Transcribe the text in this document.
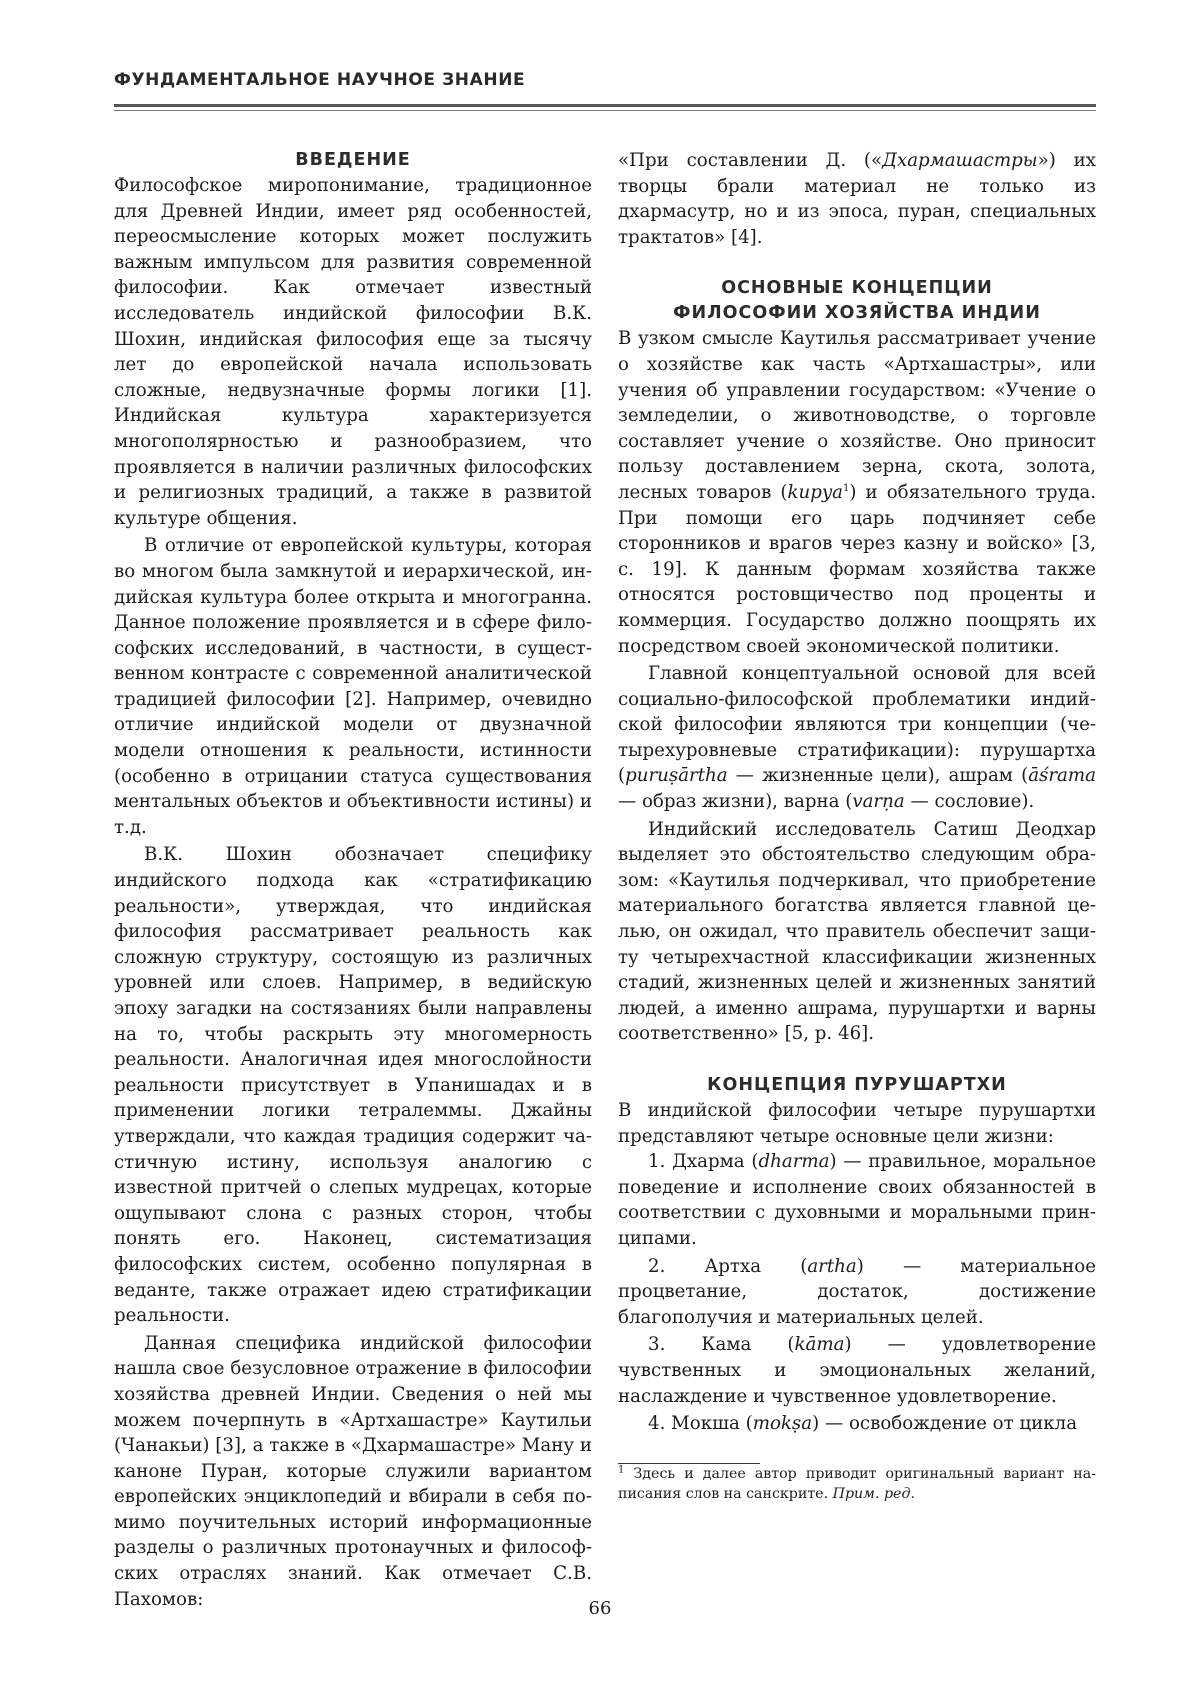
ФУНДАМЕНТАЛЬНОЕ НАУЧНОЕ ЗНАНИЕ
ВВЕДЕНИЕ

Философское миропонимание, традиционное для Древней Индии, имеет ряд особенностей, переосмысление которых может послужить важным импульсом для развития современной философии. Как отмечает известный исследователь индийской философии В.К. Шохин, индийская философия еще за тысячу лет до европейской начала использовать сложные, недвузначные формы логики [1]. Индийская культура характеризуется многополярностью и разнообразием, что проявляется в наличии различных философских и религиозных традиций, а также в развитой культуре общения.

В отличие от европейской культуры, которая во многом была замкнутой и иерархической, индийская культура более открыта и многогранна. Данное положение проявляется и в сфере философских исследований, в частности, в существенном контрасте с современной аналитической традицией философии [2]. Например, очевидно отличие индийской модели от двузначной модели отношения к реальности, истинности (особенно в отрицании статуса существования ментальных объектов и объективности истины) и т.д.

В.К. Шохин обозначает специфику индийского подхода как «стратификацию реальности», утверждая, что индийская философия рассматривает реальность как сложную структуру, состоящую из различных уровней или слоев. Например, в ведийскую эпоху загадки на состязаниях были направлены на то, чтобы раскрыть эту многомерность реальности. Аналогичная идея многослойности реальности присутствует в Упанишадах и в применении логики тетралеммы. Джайны утверждали, что каждая традиция содержит частичную истину, используя аналогию с известной притчей о слепых мудрецах, которые ощупывают слона с разных сторон, чтобы понять его. Наконец, систематизация философских систем, особенно популярная в веданте, также отражает идею стратификации реальности.

Данная специфика индийской философии нашла свое безусловное отражение в философии хозяйства древней Индии. Сведения о ней мы можем почерпнуть в «Артхашастре» Каутильи (Чанакьи) [3], а также в «Дхармашастре» Ману и каноне Пуран, которые служили вариантом европейских энциклопедий и вбирали в себя помимо поучительных историй информационные разделы о различных протонаучных и философских отраслях знаний. Как отмечает С.В. Пахомов:

«При составлении Д. («Дхармашастры») их творцы брали материал не только из дхармасутр, но и из эпоса, пуран, специальных трактатов» [4].

ОСНОВНЫЕ КОНЦЕПЦИИ
ФИЛОСОФИИ ХОЗЯЙСТВА ИНДИИ

В узком смысле Каутилья рассматривает учение о хозяйстве как часть «Артхашастры», или учения об управлении государством: «Учение о земледелии, о животноводстве, о торговле составляет учение о хозяйстве. Оно приносит пользу доставлением зерна, скота, золота, лесных товаров (kupya$^1$) и обязательного труда. При помощи его царь подчиняет себе сторонников и врагов через казну и войско» [3, с. 19]. К данным формам хозяйства также относятся ростовщичество под проценты и коммерция. Государство должно поощрять их посредством своей экономической политики.

Главной концептуальной основой для всей социально-философской проблематики индийской философии являются три концепции (четырехуровневые стратификации): пурушартха (puruṣārtha — жизненные цели), ашрам (āśrama — образ жизни), варна (varṇa — сословие).

Индийский исследователь Сатиш Деодхар выделяет это обстоятельство следующим образом: «Каутилья подчеркивал, что приобретение материального богатства является главной целью, он ожидал, что правитель обеспечит защиту четырехчастной классификации жизненных стадий, жизненных целей и жизненных занятий людей, а именно ашрама, пурушартхи и варны соответственно» [5, p. 46].

КОНЦЕПЦИЯ ПУРУШАРТХИ

В индийской философии четыре пурушартхи представляют четыре основные цели жизни:

1. Дхарма (dharma) — правильное, моральное поведение и исполнение своих обязанностей в соответствии с духовными и моральными принципами.

2. Артха (artha) — материальное процветание, достаток, достижение благополучия и материальных целей.

3. Кама (kāma) — удовлетворение чувственных и эмоциональных желаний, наслаждение и чувственное удовлетворение.

4. Мокша (mokṣa) — освобождение от цикла

$^1$ Здесь и далее автор приводит оригинальный вариант написания слов на санскрите. Прим. ред.

66
